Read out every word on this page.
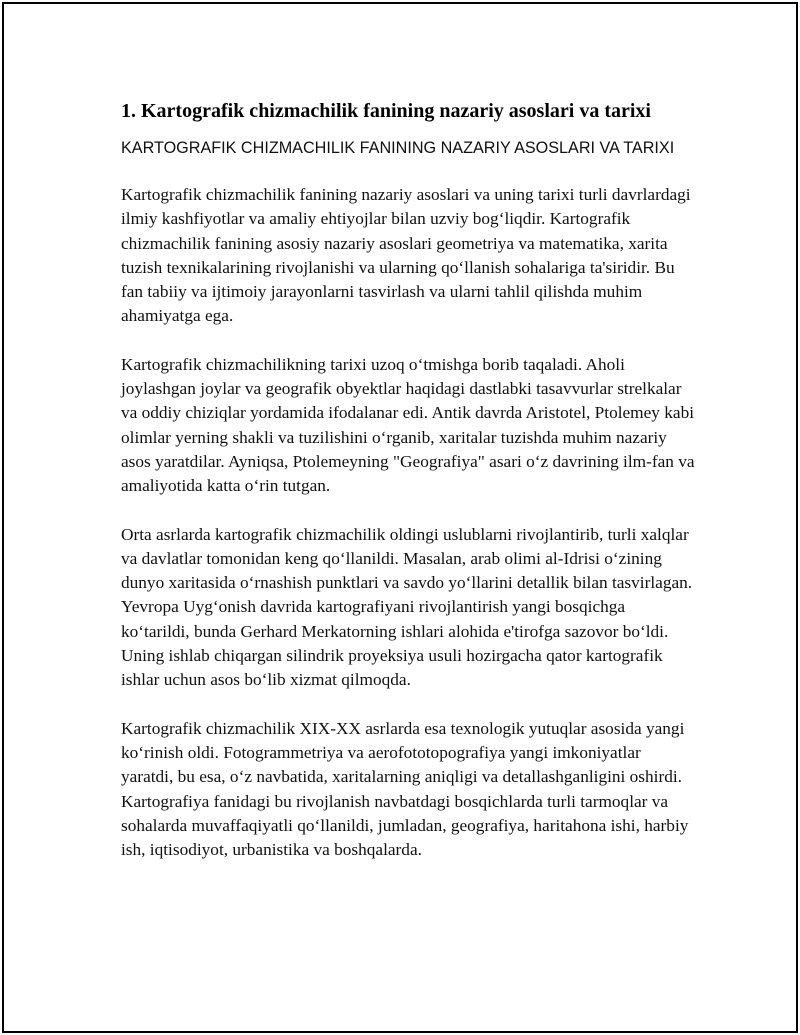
1. Kartografik chizmachilik fanining nazariy asoslari va tarixi
KARTOGRAFIK CHIZMACHILIK FANINING NAZARIY ASOSLARI VA TARIXI

Kartografik chizmachilik fanining nazariy asoslari va uning tarixi turli davrlardagi ilmiy kashfiyotlar va amaliy ehtiyojlar bilan uzviy bog‘liqdir. Kartografik chizmachilik fanining asosiy nazariy asoslari geometriya va matematika, xarita tuzish texnikalarining rivojlanishi va ularning qo‘llanish sohalariga ta'siridir. Bu fan tabiiy va ijtimoiy jarayonlarni tasvirlash va ularni tahlil qilishda muhim ahamiyatga ega.

Kartografik chizmachilikning tarixi uzoq o‘tmishga borib taqaladi. Aholi joylashgan joylar va geografik obyektlar haqidagi dastlabki tasavvurlar strelkalar va oddiy chiziqlar yordamida ifodalanar edi. Antik davrda Aristotel, Ptolemey kabi olimlar yerning shakli va tuzilishini o‘rganib, xaritalar tuzishda muhim nazariy asos yaratdilar. Ayniqsa, Ptolemeyning "Geografiya" asari o‘z davrining ilm-fan va amaliyotida katta o‘rin tutgan.

Orta asrlarda kartografik chizmachilik oldingi uslublarni rivojlantirib, turli xalqlar va davlatlar tomonidan keng qo‘llanildi. Masalan, arab olimi al-Idrisi o‘zining dunyo xaritasida o‘rnashish punktlari va savdo yo‘llarini detallik bilan tasvirlagan. Yevropa Uyg‘onish davrida kartografiyani rivojlantirish yangi bosqichga ko‘tarildi, bunda Gerhard Merkatorning ishlari alohida e'tirofga sazovor bo‘ldi. Uning ishlab chiqargan silindrik proyeksiya usuli hozirgacha qator kartografik ishlar uchun asos bo‘lib xizmat qilmoqda.

Kartografik chizmachilik XIX-XX asrlarda esa texnologik yutuqlar asosida yangi ko‘rinish oldi. Fotogrammetriya va aerofototopografiya yangi imkoniyatlar yaratdi, bu esa, o‘z navbatida, xaritalarning aniqligi va detallashganligini oshirdi. Kartografiya fanidagi bu rivojlanish navbatdagi bosqichlarda turli tarmoqlar va sohalarda muvaffaqiyatli qo‘llanildi, jumladan, geografiya, haritahona ishi, harbiy ish, iqtisodiyot, urbanistika va boshqalarda.
